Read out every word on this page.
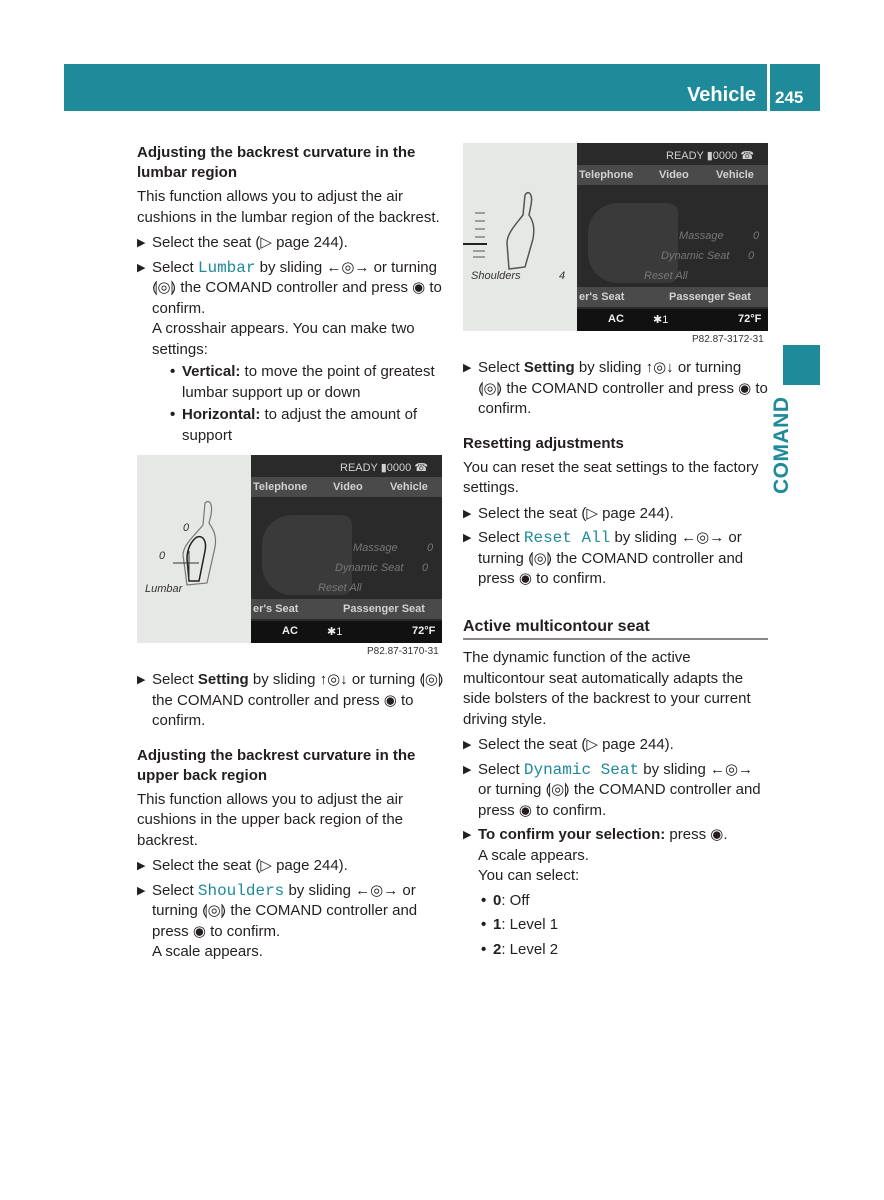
Vehicle 245
COMAND
Adjusting the backrest curvature in the lumbar region

This function allows you to adjust the air cushions in the lumbar region of the backrest.

▶ Select the seat (▷ page 244).
▶ Select Lumbar by sliding ←◎→ or turning ⟬◎⟭ the COMAND controller and press ◉ to confirm.
A crosshair appears. You can make two settings:
• Vertical: to move the point of greatest lumbar support up or down
• Horizontal: to adjust the amount of support
0
0
Lumbar
READY ▮0000 ☎
Telephone Video Vehicle
Massage	0
Dynamic Seat 0
Reset All
er's Seat	Passenger Seat
AC	✱1	72°F
P82.87-3170-31
▶ Select Setting by sliding ↑◎↓ or turning ⟬◎⟭ the COMAND controller and press ◉ to confirm.
Adjusting the backrest curvature in the upper back region

This function allows you to adjust the air cushions in the upper back region of the backrest.

▶ Select the seat (▷ page 244).
▶ Select Shoulders by sliding ←◎→ or turning ⟬◎⟭ the COMAND controller and press ◉ to confirm.
A scale appears.
Shoulders	4
READY ▮0000 ☎
Telephone Video Vehicle
Massage	0
Dynamic Seat 0
Reset All
er's Seat	Passenger Seat
AC	✱1	72°F
P82.87-3172-31
▶ Select Setting by sliding ↑◎↓ or turning ⟬◎⟭ the COMAND controller and press ◉ to confirm.
Resetting adjustments

You can reset the seat settings to the factory settings.

▶ Select the seat (▷ page 244).
▶ Select Reset All by sliding ←◎→ or turning ⟬◎⟭ the COMAND controller and press ◉ to confirm.
Active multicontour seat

The dynamic function of the active multicontour seat automatically adapts the side bolsters of the backrest to your current driving style.

▶ Select the seat (▷ page 244).
▶ Select Dynamic Seat by sliding ←◎→ or turning ⟬◎⟭ the COMAND controller and press ◉ to confirm.
▶ To confirm your selection: press ◉.
A scale appears.
You can select:
• 0: Off
• 1: Level 1
• 2: Level 2
